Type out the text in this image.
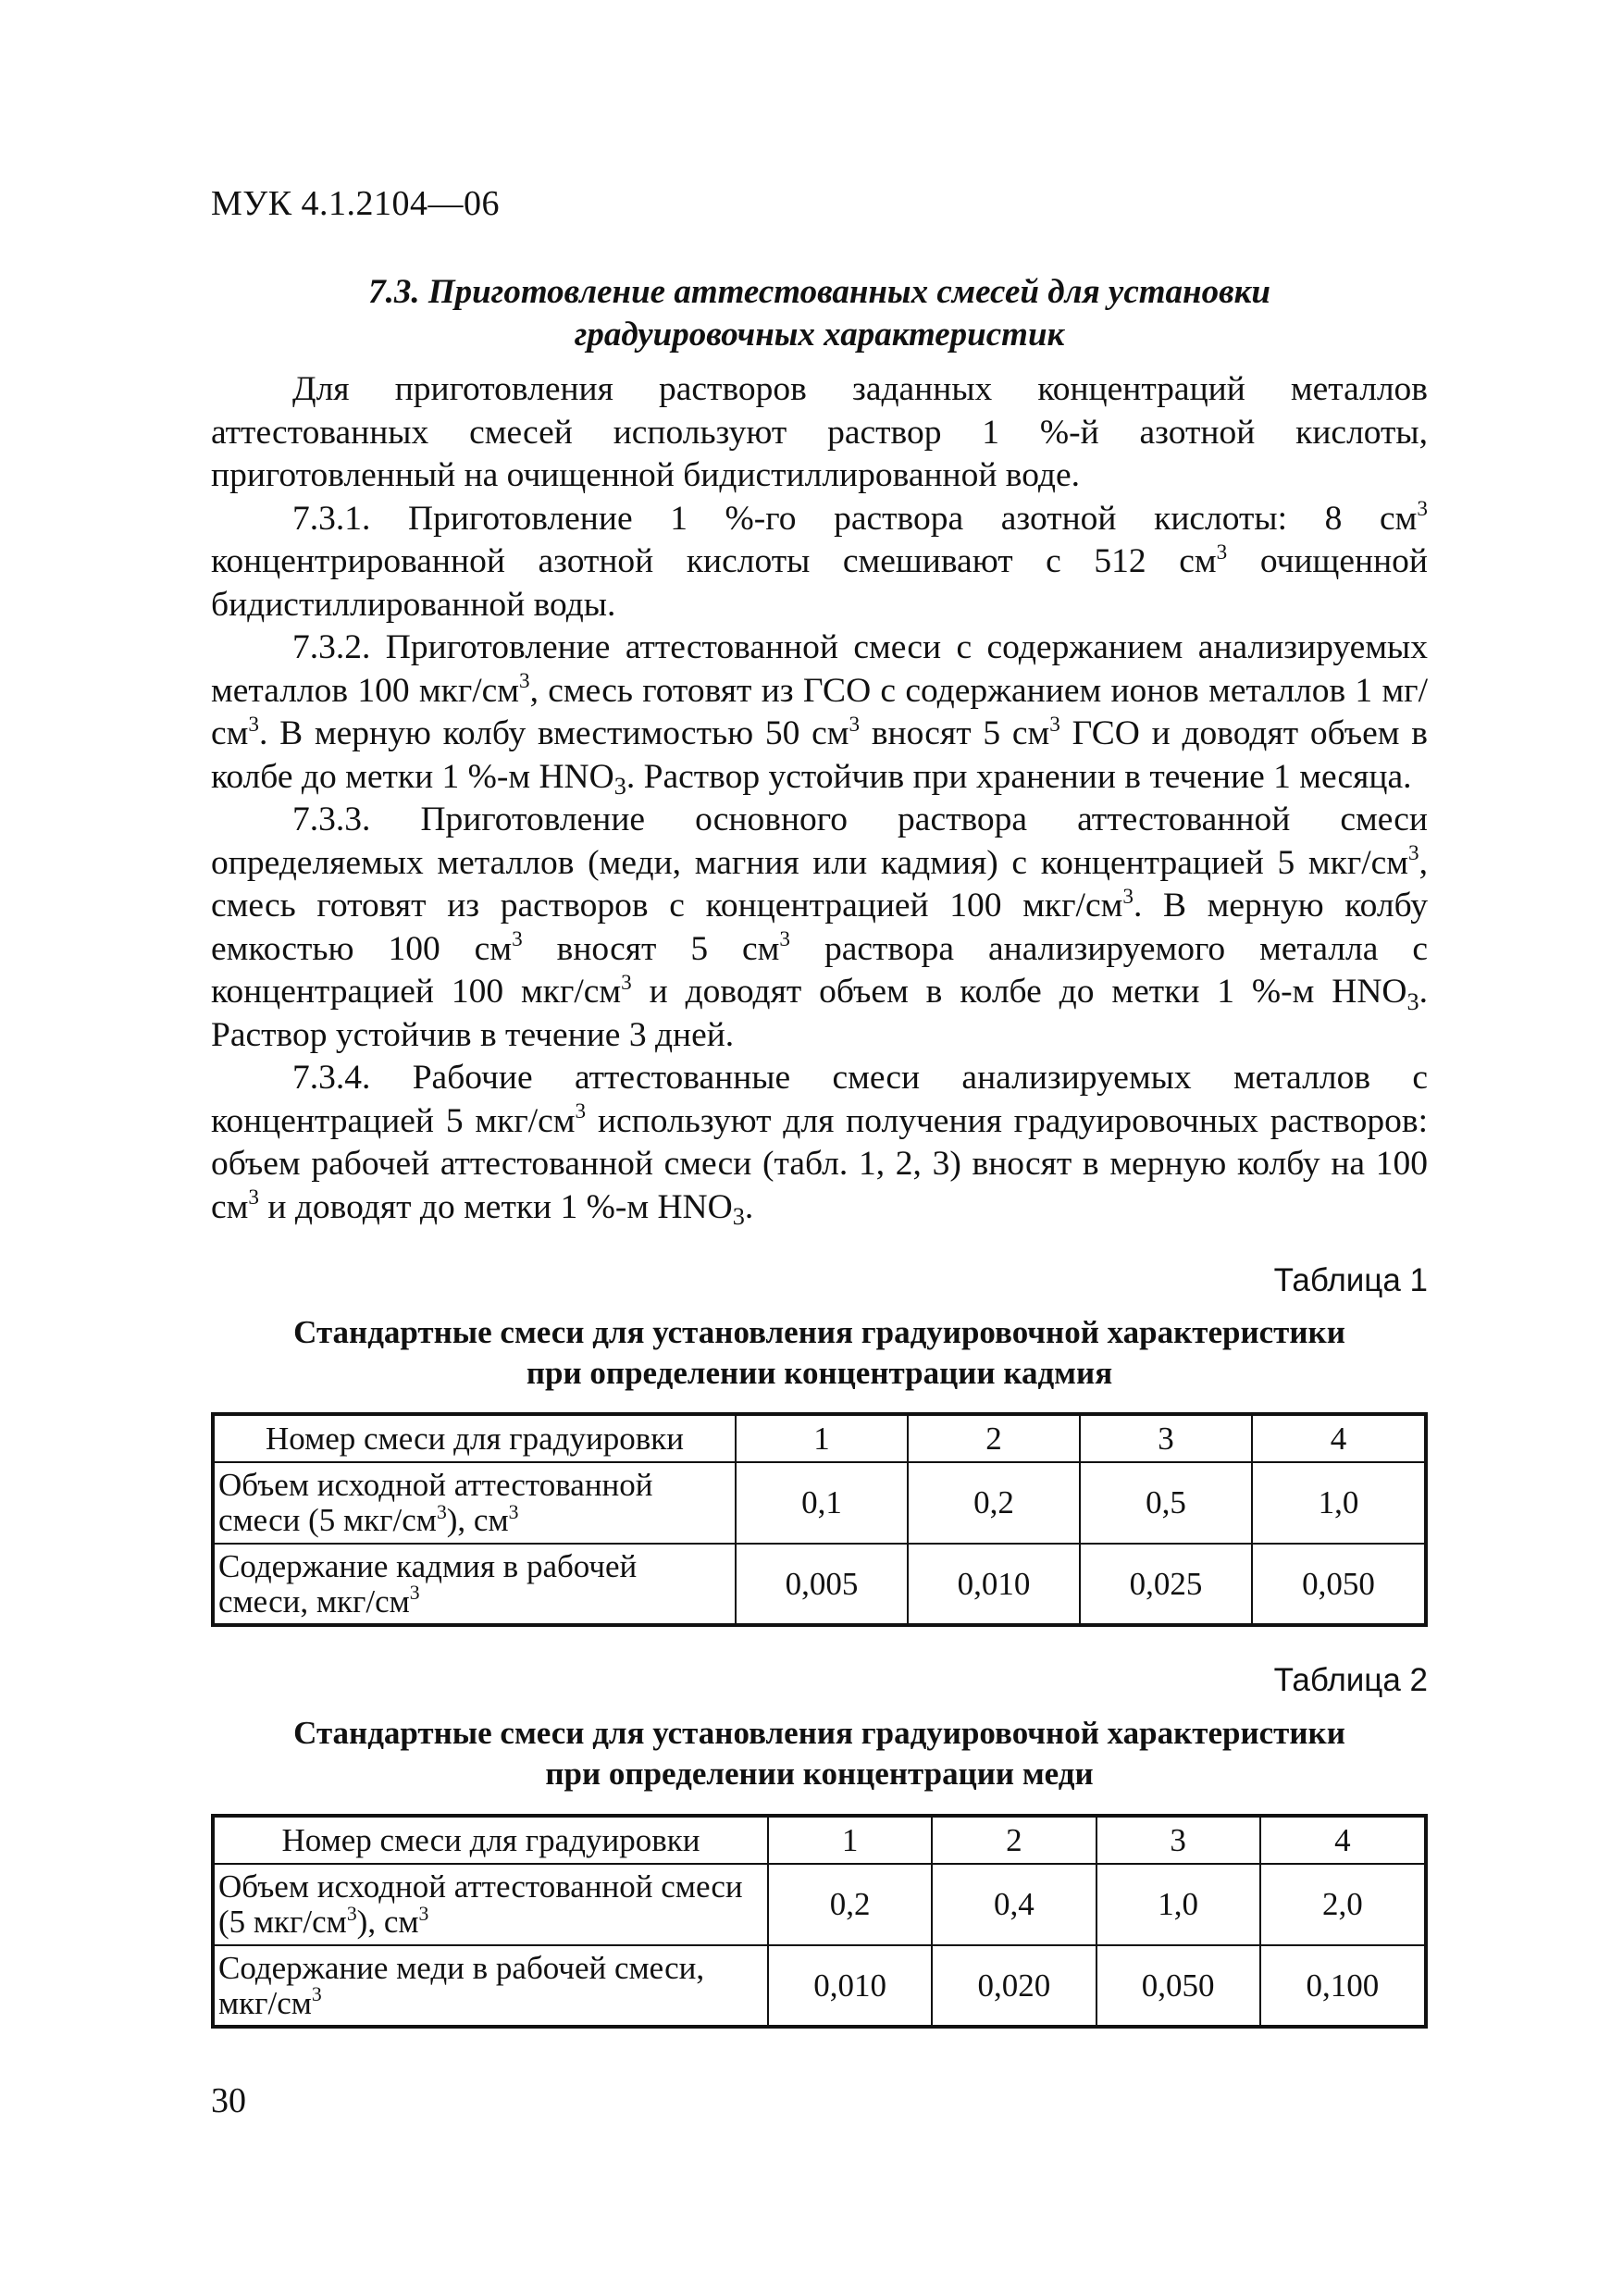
МУК 4.1.2104—06
7.3. Приготовление аттестованных смесей для установки
градуировочных характеристик

Для приготовления растворов заданных концентраций металлов аттестованных смесей используют раствор 1 %-й азотной кислоты, приготовленный на очищенной бидистиллированной воде.

7.3.1. Приготовление 1 %-го раствора азотной кислоты: 8 $см^3$ концентрированной азотной кислоты смешивают с 512 $см^3$ очищенной бидистиллированной воды.

7.3.2. Приготовление аттестованной смеси с содержанием анализируемых металлов 100 мкг/$см^3$, смесь готовят из ГСО с содержанием ионов металлов 1 $мг/см^3$. В мерную колбу вместимостью 50 $см^3$ вносят 5 $см^3$ ГСО и доводят объем в колбе до метки 1 %-м $HNO_3$. Раствор устойчив при хранении в течение 1 месяца.

7.3.3. Приготовление основного раствора аттестованной смеси определяемых металлов (меди, магния или кадмия) с концентрацией 5 мкг/$см^3$, смесь готовят из растворов с концентрацией 100 мкг/$см^3$. В мерную колбу емкостью 100 $см^3$ вносят 5 $см^3$ раствора анализируемого металла с концентрацией 100 мкг/$см^3$ и доводят объем в колбе до метки 1 %-м $HNO_3$. Раствор устойчив в течение 3 дней.

7.3.4. Рабочие аттестованные смеси анализируемых металлов с концентрацией 5 мкг/$см^3$ используют для получения градуировочных растворов: объем рабочей аттестованной смеси (табл. 1, 2, 3) вносят в мерную колбу на 100 $см^3$ и доводят до метки 1 %-м $HNO_3$.

Таблица 1
Стандартные смеси для установления градуировочной характеристики
при определении концентрации кадмия
Номер смеси для градуировки	1	2	3	4
Объем исходной аттестованной смеси (5 мкг/$см^3$), $см^3$	0,1	0,2	0,5	1,0
Содержание кадмия в рабочей смеси, мкг/$см^3$	0,005	0,010	0,025	0,050
Таблица 2
Стандартные смеси для установления градуировочной характеристики
при определении концентрации меди
Номер смеси для градуировки	1	2	3	4
Объем исходной аттестованной смеси (5 мкг/$см^3$), $см^3$	0,2	0,4	1,0	2,0
Содержание меди в рабочей смеси, мкг/$см^3$	0,010	0,020	0,050	0,100
30
